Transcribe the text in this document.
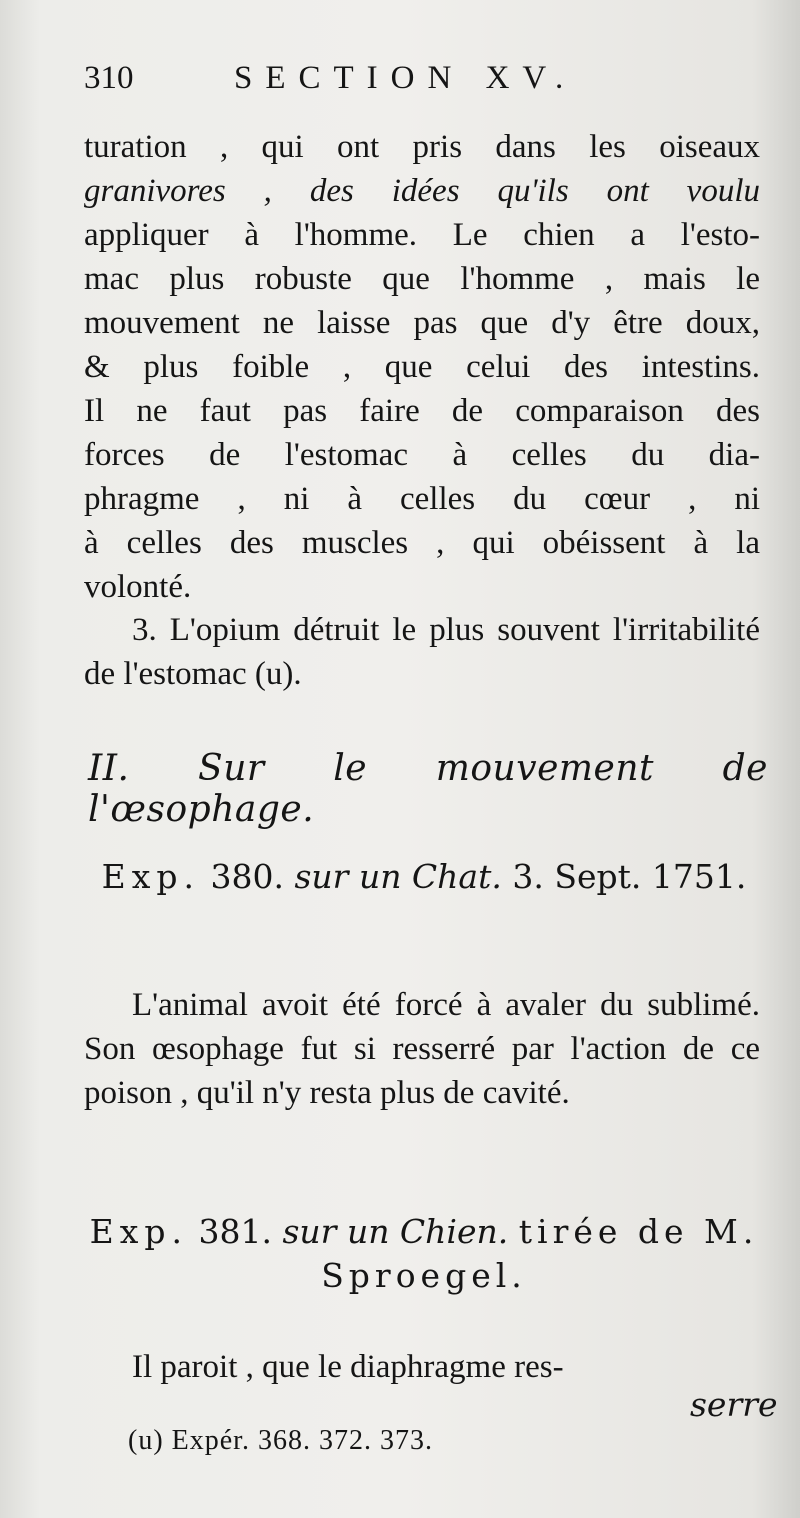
310	SECTION XV.
turation , qui ont pris dans les oiseaux
granivores , des idées qu'ils ont voulu
appliquer à l'homme. Le chien a l'esto-
mac plus robuste que l'homme , mais le
mouvement ne laisse pas que d'y être doux,
& plus foible , que celui des intestins.
Il ne faut pas faire de comparaison des
forces de l'estomac à celles du dia-
phragme , ni à celles du cœur , ni
à celles des muscles , qui obéissent à la
volonté.
3. L'opium détruit le plus souvent l'irritabilité de l'estomac (u).
II. Sur le mouvement de l'œsophage.
Exp. 380. sur un Chat. 3. Sept. 1751.
L'animal avoit été forcé à avaler du sublimé. Son œsophage fut si resserré par l'action de ce poison , qu'il n'y resta plus de cavité.
Exp. 381. sur un Chien. tirée de M. Sproegel.
Il paroit , que le diaphragme res-
serre
(u) Expér. 368. 372. 373.
